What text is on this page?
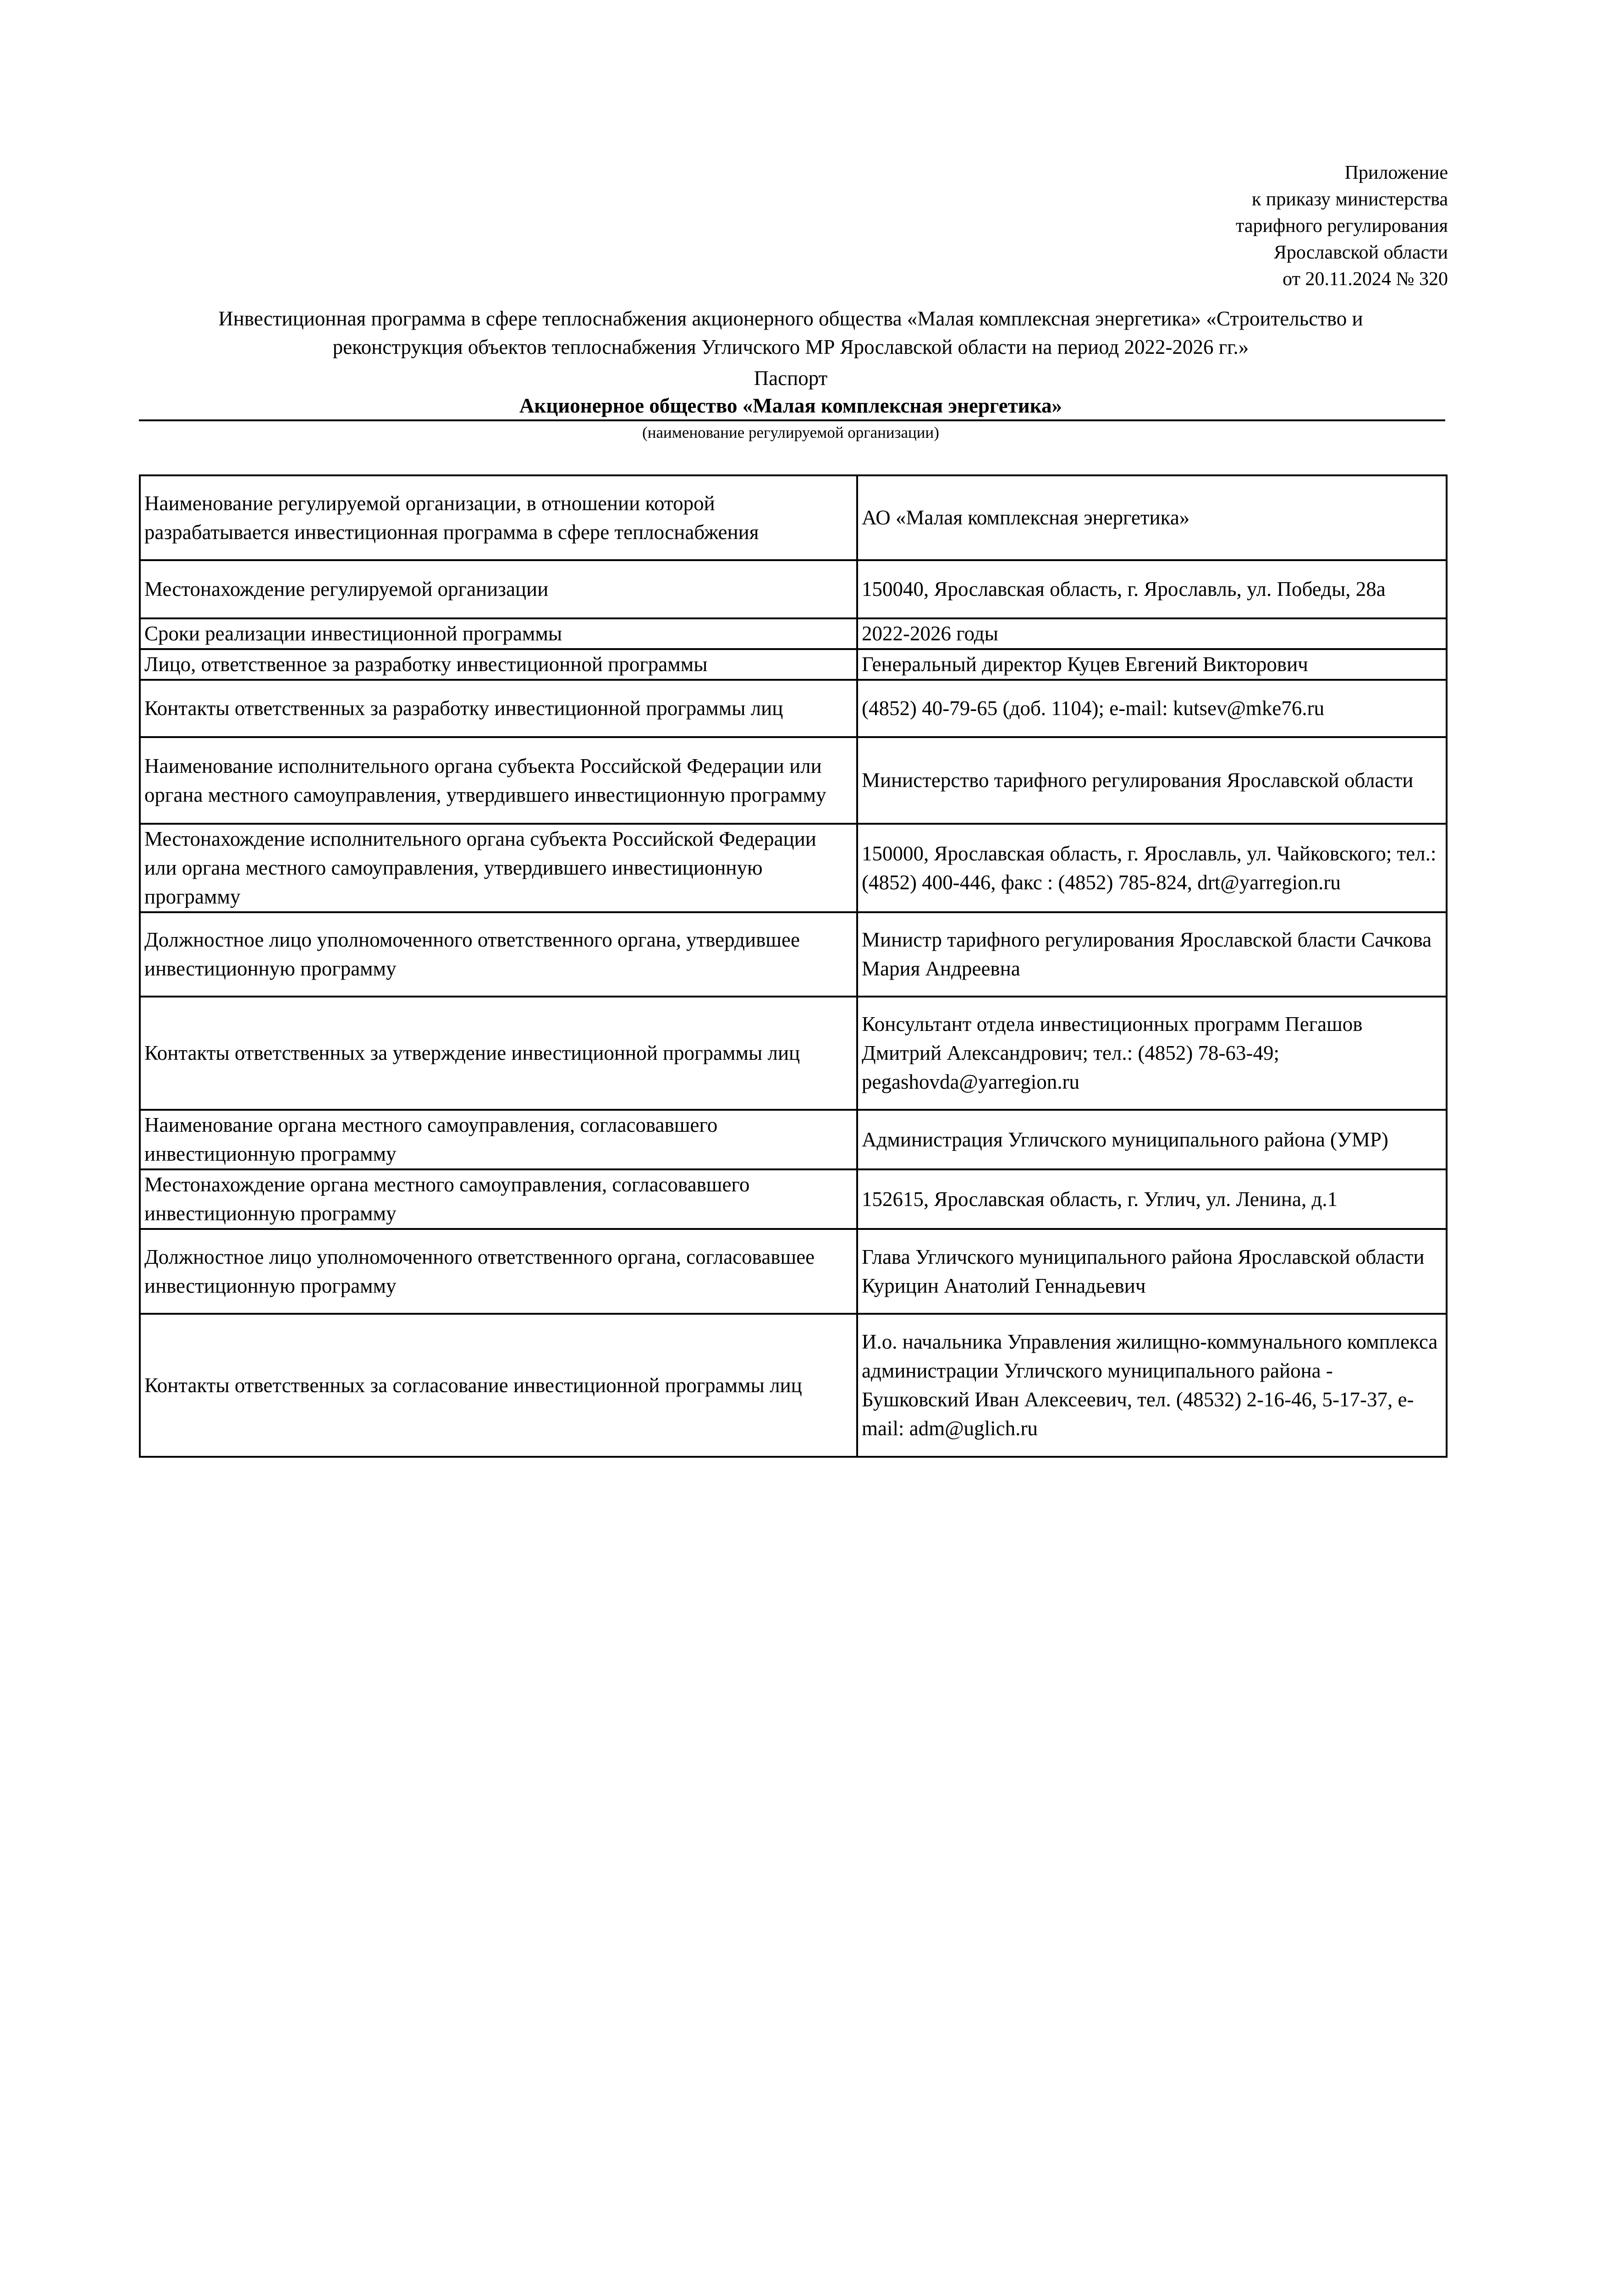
Приложение
к приказу министерства
тарифного регулирования
Ярославской области
от 20.11.2024 № 320
Инвестиционная программа в сфере теплоснабжения акционерного общества «Малая комплексная энергетика» «Строительство и
реконструкция объектов теплоснабжения Угличского МР Ярославской области на период 2022-2026 гг.»
Паспорт
Акционерное общество «Малая комплексная энергетика»
(наименование регулируемой организации)
Наименование регулируемой организации, в отношении которой разрабатывается инвестиционная программа в сфере теплоснабжения	АО «Малая комплексная энергетика»
Местонахождение регулируемой организации	150040, Ярославская область, г. Ярославль, ул. Победы, 28а
Сроки реализации инвестиционной программы	2022-2026 годы
Лицо, ответственное за разработку инвестиционной программы	Генеральный директор Куцев Евгений Викторович
Контакты ответственных за разработку инвестиционной программы лиц	(4852) 40-79-65 (доб. 1104); e-mail: kutsev@mke76.ru
Наименование исполнительного органа субъекта Российской Федерации или органа местного самоуправления, утвердившего инвестиционную программу	Министерство тарифного регулирования Ярославской области
Местонахождение исполнительного органа субъекта Российской Федерации или органа местного самоуправления, утвердившего инвестиционную программу	150000, Ярославская область, г. Ярославль, ул. Чайковского; тел.: (4852) 400-446, факс : (4852) 785-824, drt@yarregion.ru
Должностное лицо уполномоченного ответственного органа, утвердившее инвестиционную программу	Министр тарифного регулирования Ярославской бласти Сачкова Мария Андреевна
Контакты ответственных за утверждение инвестиционной программы лиц	Консультант отдела инвестиционных программ Пегашов Дмитрий Александрович; тел.: (4852) 78-63-49; pegashovda@yarregion.ru
Наименование органа местного самоуправления, согласовавшего инвестиционную программу	Администрация Угличского муниципального района (УМР)
Местонахождение органа местного самоуправления, согласовавшего инвестиционную программу	152615, Ярославская область, г. Углич, ул. Ленина, д.1
Должностное лицо уполномоченного ответственного органа, согласовавшее инвестиционную программу	Глава Угличского муниципального района Ярославской области Курицин Анатолий Геннадьевич
Контакты ответственных за согласование инвестиционной программы лиц	И.о. начальника Управления жилищно-коммунального комплекса администрации Угличского муниципального района - Бушковский Иван Алексеевич, тел. (48532) 2-16-46, 5-17-37, e-mail: adm@uglich.ru
